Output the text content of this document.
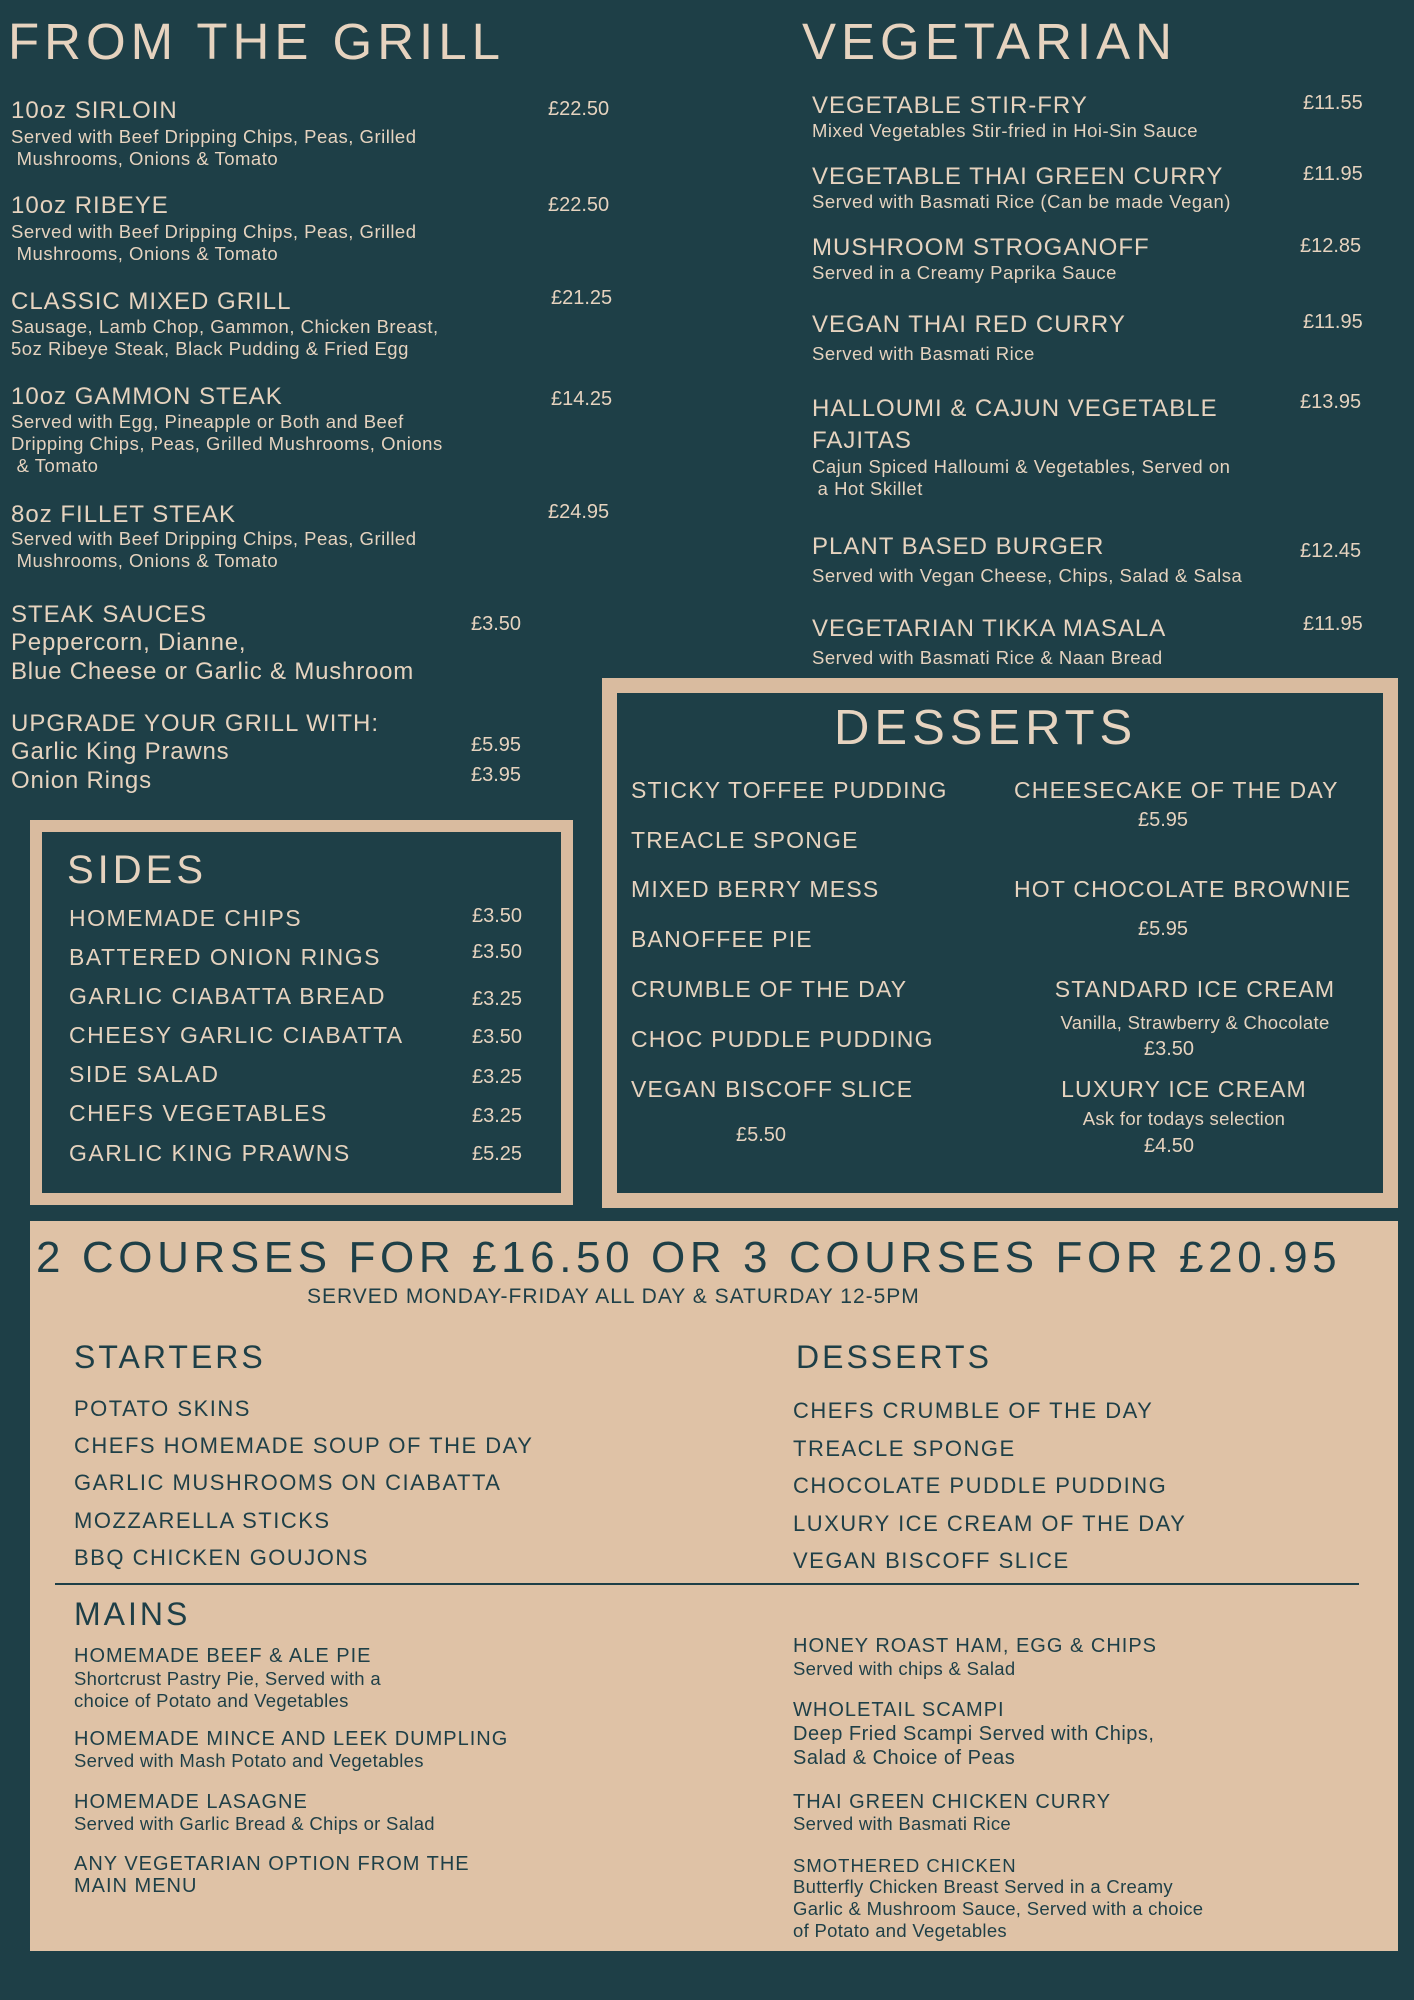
FROM THE GRILL
10oz SIRLOIN	£22.50
Served with Beef Dripping Chips, Peas, Grilled
Mushrooms, Onions & Tomato
10oz RIBEYE	£22.50
Served with Beef Dripping Chips, Peas, Grilled
Mushrooms, Onions & Tomato
CLASSIC MIXED GRILL	£21.25
Sausage, Lamb Chop, Gammon, Chicken Breast,
5oz Ribeye Steak, Black Pudding & Fried Egg
10oz GAMMON STEAK	£14.25
Served with Egg, Pineapple or Both and Beef
Dripping Chips, Peas, Grilled Mushrooms, Onions
& Tomato
8oz FILLET STEAK	£24.95
Served with Beef Dripping Chips, Peas, Grilled
Mushrooms, Onions & Tomato
STEAK SAUCES	£3.50
Peppercorn, Dianne,
Blue Cheese or Garlic & Mushroom
UPGRADE YOUR GRILL WITH:
Garlic King Prawns	£5.95
Onion Rings	£3.95
VEGETARIAN
VEGETABLE STIR-FRY	£11.55
Mixed Vegetables Stir-fried in Hoi-Sin Sauce
VEGETABLE THAI GREEN CURRY	£11.95
Served with Basmati Rice (Can be made Vegan)
MUSHROOM STROGANOFF	£12.85
Served in a Creamy Paprika Sauce
VEGAN THAI RED CURRY	£11.95
Served with Basmati Rice
HALLOUMI & CAJUN VEGETABLE
FAJITAS
£13.95
Cajun Spiced Halloumi & Vegetables, Served on
a Hot Skillet
PLANT BASED BURGER	£12.45
Served with Vegan Cheese, Chips, Salad & Salsa
VEGETARIAN TIKKA MASALA	£11.95
Served with Basmati Rice & Naan Bread
SIDES
HOMEMADE CHIPS	£3.50
BATTERED ONION RINGS	£3.50
GARLIC CIABATTA BREAD	£3.25
CHEESY GARLIC CIABATTA	£3.50
SIDE SALAD	£3.25
CHEFS VEGETABLES	£3.25
GARLIC KING PRAWNS	£5.25
DESSERTS
STICKY TOFFEE PUDDING
TREACLE SPONGE
MIXED BERRY MESS
BANOFFEE PIE
CRUMBLE OF THE DAY
CHOC PUDDLE PUDDING
VEGAN BISCOFF SLICE
£5.50
CHEESECAKE OF THE DAY
£5.95
HOT CHOCOLATE BROWNIE
£5.95
STANDARD ICE CREAM
Vanilla, Strawberry & Chocolate
£3.50
LUXURY ICE CREAM
Ask for todays selection
£4.50
2 COURSES FOR £16.50 OR 3 COURSES FOR £20.95
SERVED MONDAY-FRIDAY ALL DAY & SATURDAY 12-5PM
STARTERS
POTATO SKINS
CHEFS HOMEMADE SOUP OF THE DAY
GARLIC MUSHROOMS ON CIABATTA
MOZZARELLA STICKS
BBQ CHICKEN GOUJONS
DESSERTS
CHEFS CRUMBLE OF THE DAY
TREACLE SPONGE
CHOCOLATE PUDDLE PUDDING
LUXURY ICE CREAM OF THE DAY
VEGAN BISCOFF SLICE
MAINS
HOMEMADE BEEF & ALE PIE
Shortcrust Pastry Pie, Served with a
choice of Potato and Vegetables
HOMEMADE MINCE AND LEEK DUMPLING
Served with Mash Potato and Vegetables
HOMEMADE LASAGNE
Served with Garlic Bread & Chips or Salad
ANY VEGETARIAN OPTION FROM THE
MAIN MENU
HONEY ROAST HAM, EGG & CHIPS
Served with chips & Salad
WHOLETAIL SCAMPI
Deep Fried Scampi Served with Chips,
Salad & Choice of Peas
THAI GREEN CHICKEN CURRY
Served with Basmati Rice
SMOTHERED CHICKEN
Butterfly Chicken Breast Served in a Creamy
Garlic & Mushroom Sauce, Served with a choice
of Potato and Vegetables
